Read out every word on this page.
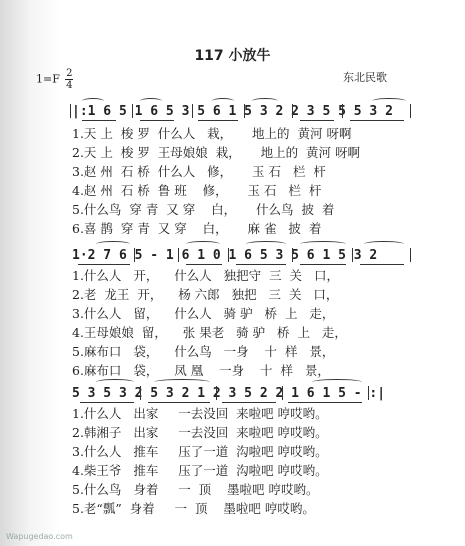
117 小放牛
$1=F \frac{2}{4}$	东北民歌
|:1 6 5 1 6 5 3 5 6 1 5 3 2 2 3 5 5 5 3 2
1.天 上  梭 罗  什么人   栽，     地上的  黄河 呀啊
2.天 上  梭 罗  王母娘娘  栽，     地上的  黄河 呀啊
3.赵 州  石 桥  什么人   修，     玉 石   栏  杆
4.赵 州  石 桥  鲁 班    修，     玉 石   栏  杆
5.什么鸟  穿 青  又 穿    白，     什么鸟  披  着
6.喜 鹊  穿 青  又 穿    白，     麻 雀   披  着
1·2 7 6 5 - 1 6 1 0 1 6 5 3 5 6 1 5 3 2
1.什么人   开，    什么人   独把守  三  关   口，
2.老  龙王  开，    杨 六郎   独把   三  关   口，
3.什么人   留，    什么人   骑 驴   桥  上   走，
4.王母娘娘  留，    张 果老   骑 驴   桥  上   走，
5.麻布口   袋，    什么鸟   一身    十  样   景，
6.麻布口   袋，    凤 凰    一身    十  样   景，
5 3 5 3 2 5 3 2 1 2 3 5 2 2 1 6 1 5 - :|
1.什么人   出家     一去没回  来啦吧 哼哎哟。
2.韩湘子   出家     一去没回  来啦吧 哼哎哟。
3.什么人   推车     压了一道  沟啦吧 哼哎哟。
4.柴王爷   推车     压了一道  沟啦吧 哼哎哟。
5.什么鸟   身着     一  顶    墨啦吧 哼哎哟。
5.老“瓢”  身着     一  顶    墨啦吧 哼哎哟。
Wapugedao.com
